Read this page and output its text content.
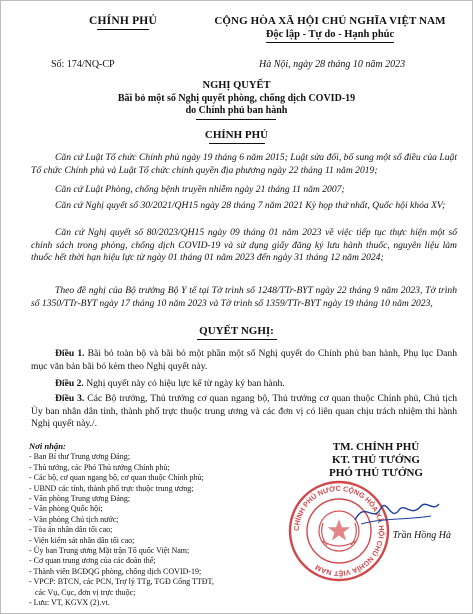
CHÍNH PHỦ	CỘNG HÒA XÃ HỘI CHỦ NGHĨA VIỆT NAM
Độc lập - Tự do - Hạnh phúc
Số: 174/NQ-CP	Hà Nội, ngày 28 tháng 10 năm 2023
NGHỊ QUYẾT
Bãi bỏ một số Nghị quyết phòng, chống dịch COVID-19
do Chính phủ ban hành
CHÍNH PHỦ
Căn cứ Luật Tổ chức Chính phủ ngày 19 tháng 6 năm 2015; Luật sửa đổi, bổ sung một số điều của Luật Tổ chức Chính phủ và Luật Tổ chức chính quyền địa phương ngày 22 tháng 11 năm 2019;
Căn cứ Luật Phòng, chống bệnh truyền nhiễm ngày 21 tháng 11 năm 2007;
Căn cứ Nghị quyết số 30/2021/QH15 ngày 28 tháng 7 năm 2021 Kỳ họp thứ nhất, Quốc hội khóa XV;
Căn cứ Nghị quyết số 80/2023/QH15 ngày 09 tháng 01 năm 2023 về việc tiếp tục thực hiện một số chính sách trong phòng, chống dịch COVID-19 và sử dụng giấy đăng ký lưu hành thuốc, nguyên liệu làm thuốc hết thời hạn hiệu lực từ ngày 01 tháng 01 năm 2023 đến ngày 31 tháng 12 năm 2024;
Theo đề nghị của Bộ trưởng Bộ Y tế tại Tờ trình số 1248/TTr-BYT ngày 22 tháng 9 năm 2023, Tờ trình số 1350/TTr-BYT ngày 17 tháng 10 năm 2023 và Tờ trình số 1359/TTr-BYT ngày 19 tháng 10 năm 2023,
QUYẾT NGHỊ:
Điều 1. Bãi bỏ toàn bộ và bãi bỏ một phần một số Nghị quyết do Chính phủ ban hành, Phụ lục Danh mục văn bản bãi bỏ kèm theo Nghị quyết này.
Điều 2. Nghị quyết này có hiệu lực kể từ ngày ký ban hành.
Điều 3. Các Bộ trưởng, Thủ trưởng cơ quan ngang bộ, Thủ trưởng cơ quan thuộc Chính phủ, Chủ tịch Ủy ban nhân dân tỉnh, thành phố trực thuộc trung ương và các đơn vị có liên quan chịu trách nhiệm thi hành Nghị quyết này./.
Nơi nhận:
- Ban Bí thư Trung ương Đảng;
- Thủ tướng, các Phó Thủ tướng Chính phủ;
- Các bộ, cơ quan ngang bộ, cơ quan thuộc Chính phủ;
- UBND các tỉnh, thành phố trực thuộc trung ương;
- Văn phòng Trung ương Đảng;
- Văn phòng Quốc hội;
- Văn phòng Chủ tịch nước;
- Tòa án nhân dân tối cao;
- Viện kiểm sát nhân dân tối cao;
- Ủy ban Trung ương Mặt trận Tổ quốc Việt Nam;
- Cơ quan trung ương của các đoàn thể;
- Thành viên BCĐQG phòng, chống dịch COVID-19;
- VPCP: BTCN, các PCN, Trợ lý TTg, TGĐ Cổng TTĐT,
các Vụ, Cục, đơn vị trực thuộc;
- Lưu: VT, KGVX (2).vt.
TM. CHÍNH PHỦ
KT. THỦ TƯỚNG
PHÓ THỦ TƯỚNG
CHÍNH PHỦ NƯỚC CỘNG HÒA XÃ HỘI CHỦ NGHĨA VIỆT NAM
Trần Hồng Hà
